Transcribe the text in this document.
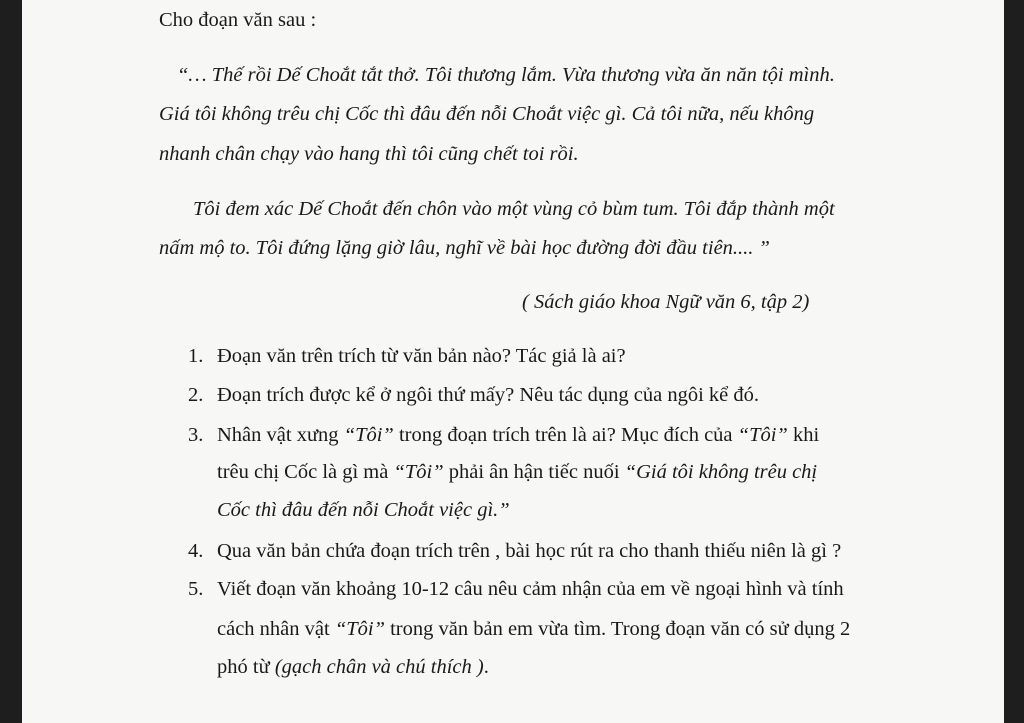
Cho đoạn văn sau :
“… Thế rồi Dế Choắt tắt thở. Tôi thương lắm. Vừa thương vừa ăn năn tội mình.
Giá tôi không trêu chị Cốc thì đâu đến nỗi Choắt việc gì. Cả tôi nữa, nếu không
nhanh chân chạy vào hang thì tôi cũng chết toi rồi.
Tôi đem xác Dế Choắt đến chôn vào một vùng cỏ bùm tum. Tôi đắp thành một
nấm mộ to. Tôi đứng lặng giờ lâu, nghĩ về bài học đường đời đầu tiên.... ”
( Sách giáo khoa Ngữ văn 6, tập 2)
1. Đoạn văn trên trích từ văn bản nào? Tác giả là ai?
2. Đoạn trích được kể ở ngôi thứ mấy? Nêu tác dụng của ngôi kể đó.
3. Nhân vật xưng “Tôi” trong đoạn trích trên là ai? Mục đích của “Tôi” khi
trêu chị Cốc là gì mà “Tôi” phải ân hận tiếc nuối “Giá tôi không trêu chị
Cốc thì đâu đến nỗi Choắt việc gì.”
4. Qua văn bản chứa đoạn trích trên , bài học rút ra cho thanh thiếu niên là gì ?
5. Viết đoạn văn khoảng 10-12 câu nêu cảm nhận của em về ngoại hình và tính
cách nhân vật “Tôi” trong văn bản em vừa tìm. Trong đoạn văn có sử dụng 2
phó từ (gạch chân và chú thích ).
